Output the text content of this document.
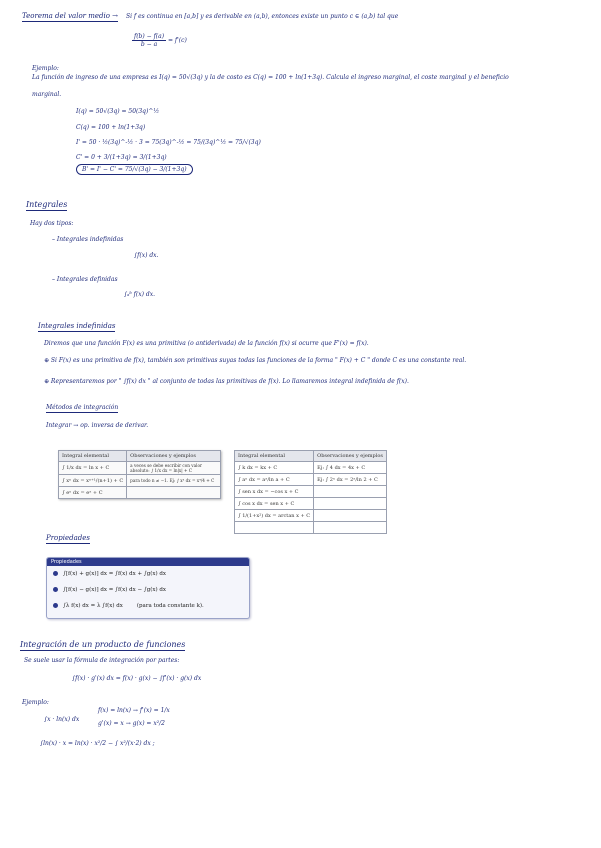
Teorema del valor medio → Si f es continua en [a,b] y es derivable en (a,b), entonces existe un punto c ∈ (a,b) tal que
$\frac{f(b) - f(a)}{b - a} = f'(c)$
Ejemplo:
La función de ingreso de una empresa es I(q) = 50√(3q) y la de costo es C(q) = 100 + ln(1+3q). Calcula el ingreso marginal, el coste marginal y el beneficio
marginal.
I(q) = 50√(3q) = 50(3q)^½
C(q) = 100 + ln(1+3q)
I' = 50 · ½(3q)^-½ · 3 = 75(3q)^-½ = 75/(3q)^½ = 75/√(3q)
C' = 0 + 3/(1+3q) = 3/(1+3q)
B' = I' − C' = 75/√(3q) − 3/(1+3q)
Integrales
Hay dos tipos:
– Integrales indefinidas
∫f(x) dx.
– Integrales definidas
∫ₐᵇ f(x) dx.
Integrales indefinidas
Diremos que una función F(x) es una primitiva (o antiderivada) de la función f(x) si ocurre que F'(x) = f(x).
⊕ Si F(x) es una primitiva de f(x), también son primitivas suyas todas las funciones de la forma " F(x) + C " donde C es una constante real.
⊕ Representaremos por " ∫f(x) dx " al conjunto de todas las primitivas de f(x). Lo llamaremos integral indefinida de f(x).
Métodos de integración
Integrar → op. inversa de derivar.
Integral elemental	Observaciones y ejemplos
∫ 1/x dx = ln x + C	a veces se debe escribir con valor absoluto: ∫ 1/x dx = ln|x| + C
∫ xⁿ dx = xⁿ⁺¹/(n+1) + C	para todo n ≠ −1. Ej: ∫ x³ dx = x⁴/4 + C
∫ eˣ dx = eˣ + C	
Integral elemental	Observaciones y ejemplos
∫ k dx = kx + C	Ej: ∫ 4 dx = 4x + C
∫ aˣ dx = aˣ/ln a + C	Ej: ∫ 2ˣ dx = 2ˣ/ln 2 + C
∫ sen x dx = −cos x + C	
∫ cos x dx = sen x + C	
∫ 1/(1+x²) dx = arctan x + C	

Propiedades
Propiedades
∫[f(x) + g(x)] dx = ∫f(x) dx + ∫g(x) dx
∫[f(x) − g(x)] dx = ∫f(x) dx − ∫g(x) dx
∫λ f(x) dx = λ ∫f(x) dx        (para toda constante k).
Integración de un producto de funciones
Se suele usar la fórmula de integración por partes:
∫f(x) · g'(x) dx = f(x) · g(x) − ∫f'(x) · g(x) dx
Ejemplo:
∫x · ln(x) dx
f(x) = ln(x) → f'(x) = 1/x
g'(x) = x → g(x) = x²/2
∫ln(x) · x = ln(x) · x²/2 − ∫ x²/(x·2) dx ;
